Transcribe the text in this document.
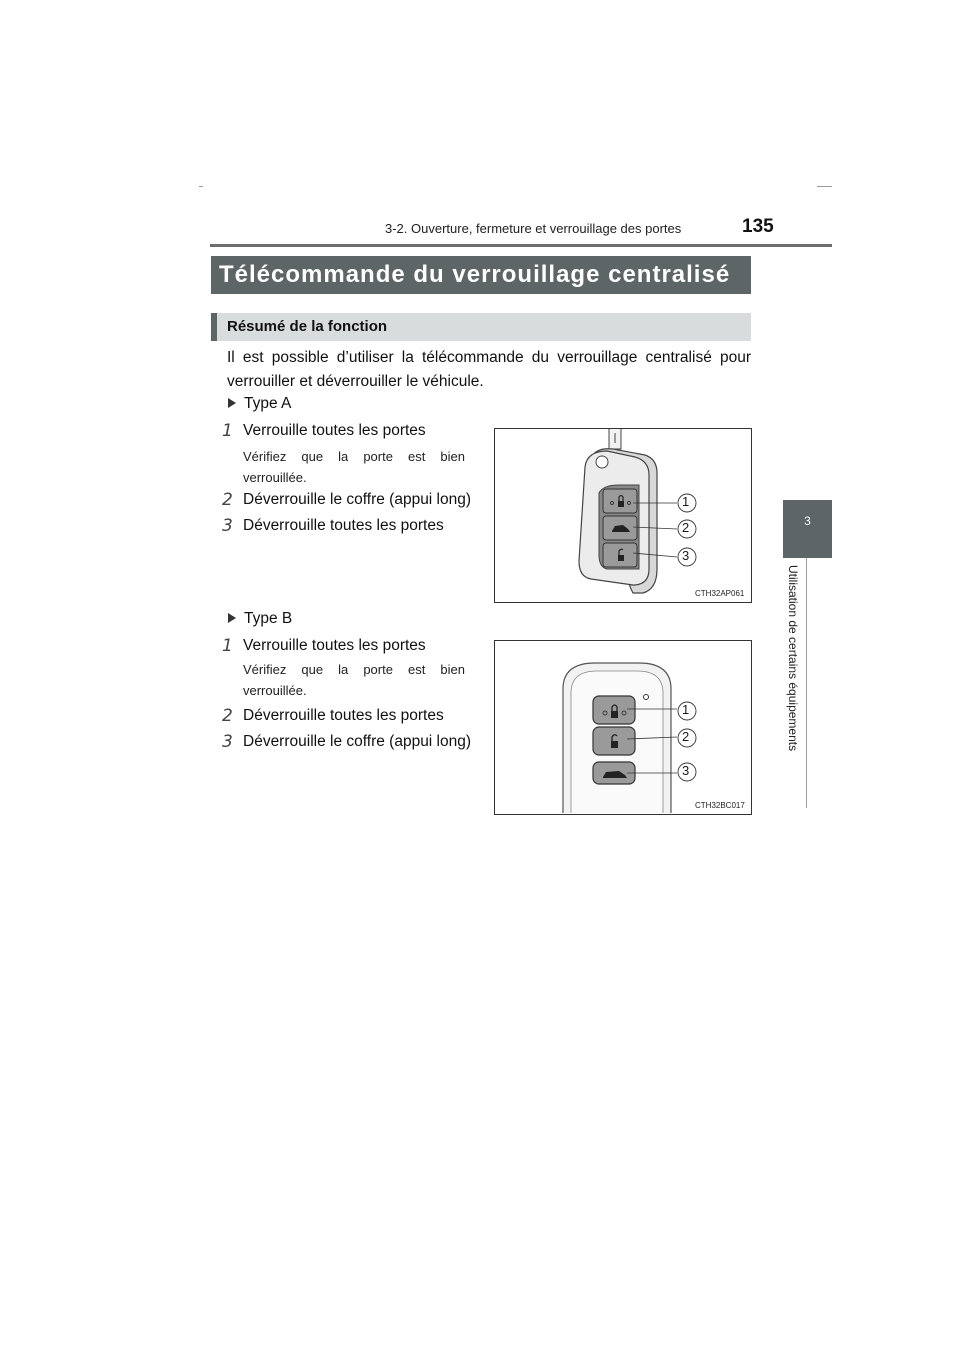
3-2. Ouverture, fermeture et verrouillage des portes	135
3
Utilisation de certains équipements
Télécommande du verrouillage centralisé
Résumé de la fonction
Il est possible d’utiliser la télécommande du verrouillage centralisé pour verrouiller et déverrouiller le véhicule.
Type A
1 Verrouille toutes les portes
Vérifiez que la porte est bien verrouillée.
2 Déverrouille le coffre (appui long)
3 Déverrouille toutes les portes
1
2
3
CTH32AP061
Type B
1 Verrouille toutes les portes
Vérifiez que la porte est bien verrouillée.
2 Déverrouille toutes les portes
3 Déverrouille le coffre (appui long)
1
2
3
CTH32BC017
